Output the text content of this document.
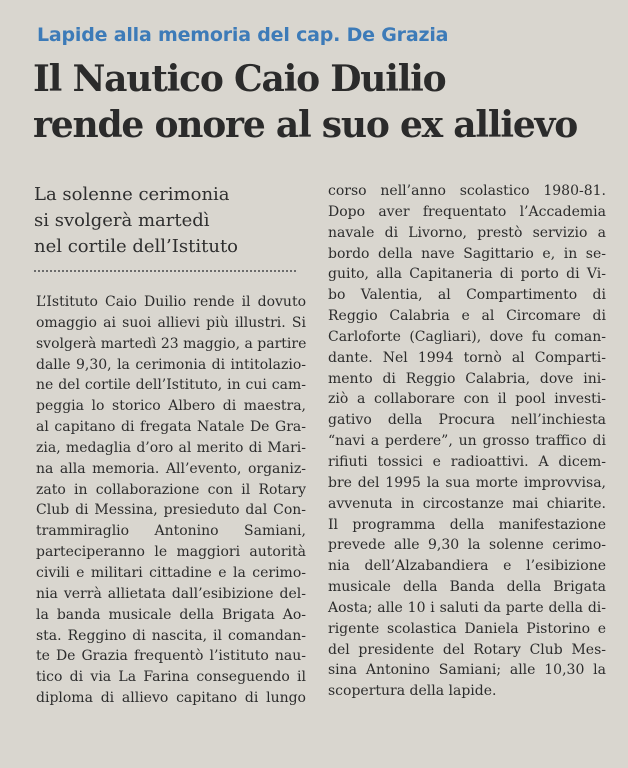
Lapide alla memoria del cap. De Grazia
Il Nautico Caio Duilio
rende onore al suo ex allievo
La solenne cerimonia
si svolgerà martedì
nel cortile dell’Istituto
L’Istituto Caio Duilio rende il dovuto
omaggio ai suoi allievi più illustri. Si
svolgerà martedì 23 maggio, a partire
dalle 9,30, la cerimonia di intitolazio-
ne del cortile dell’Istituto, in cui cam-
peggia lo storico Albero di maestra,
al capitano di fregata Natale De Gra-
zia, medaglia d’oro al merito di Mari-
na alla memoria. All’evento, organiz-
zato in collaborazione con il Rotary
Club di Messina, presieduto dal Con-
trammiraglio Antonino Samiani,
parteciperanno le maggiori autorità
civili e militari cittadine e la cerimo-
nia verrà allietata dall’esibizione del-
la banda musicale della Brigata Ao-
sta. Reggino di nascita, il comandan-
te De Grazia frequentò l’istituto nau-
tico di via La Farina conseguendo il
diploma di allievo capitano di lungo
corso nell’anno scolastico 1980-81.
Dopo aver frequentato l’Accademia
navale di Livorno, prestò servizio a
bordo della nave Sagittario e, in se-
guito, alla Capitaneria di porto di Vi-
bo Valentia, al Compartimento di
Reggio Calabria e al Circomare di
Carloforte (Cagliari), dove fu coman-
dante. Nel 1994 tornò al Comparti-
mento di Reggio Calabria, dove ini-
ziò a collaborare con il pool investi-
gativo della Procura nell’inchiesta
“navi a perdere”, un grosso traffico di
rifiuti tossici e radioattivi. A dicem-
bre del 1995 la sua morte improvvisa,
avvenuta in circostanze mai chiarite.
Il programma della manifestazione
prevede alle 9,30 la solenne cerimo-
nia dell’Alzabandiera e l’esibizione
musicale della Banda della Brigata
Aosta; alle 10 i saluti da parte della di-
rigente scolastica Daniela Pistorino e
del presidente del Rotary Club Mes-
sina Antonino Samiani; alle 10,30 la
scopertura della lapide.
